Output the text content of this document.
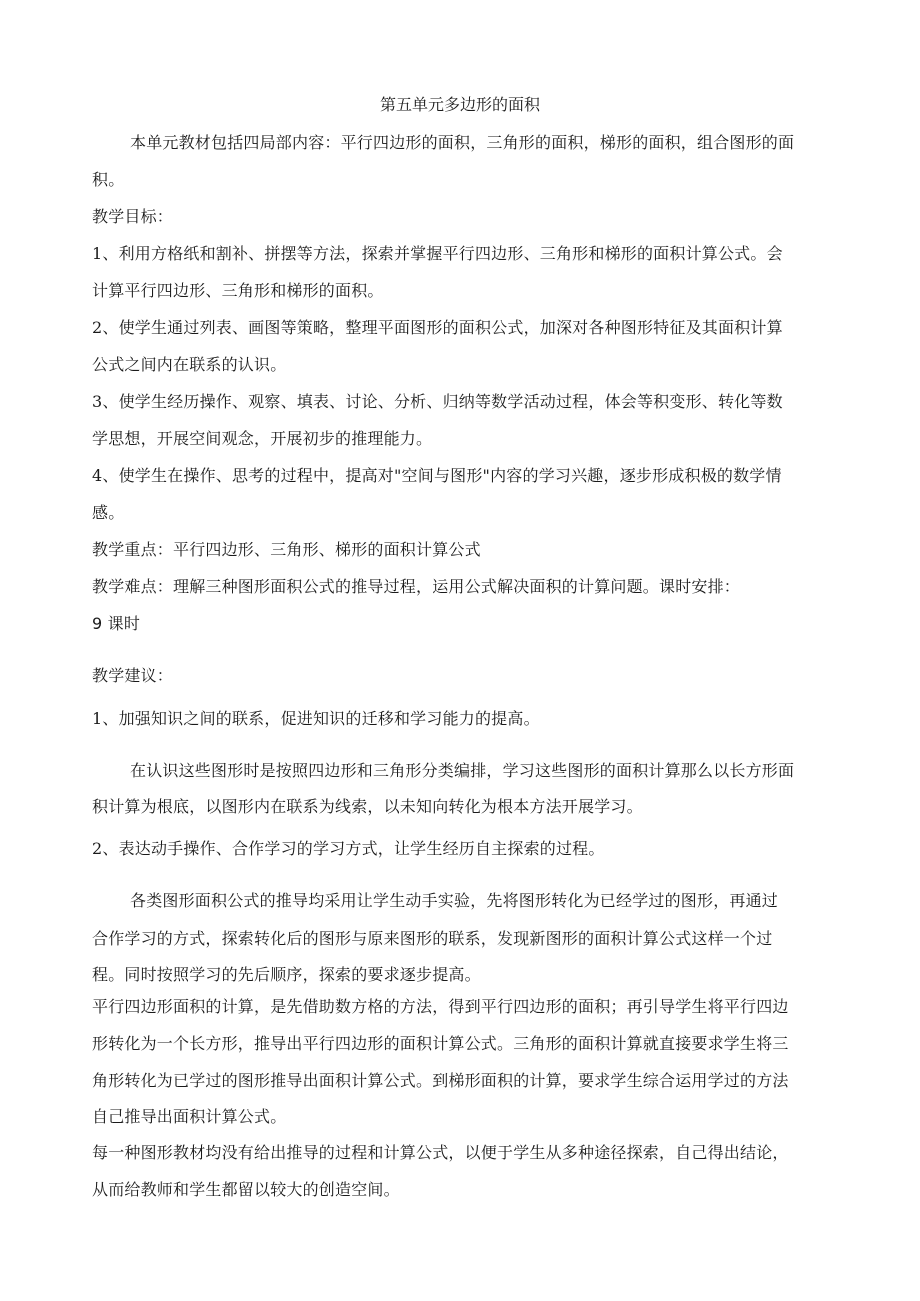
第五单元多边形的面积
本单元教材包括四局部内容：平行四边形的面积，三角形的面积，梯形的面积，组合图形的面
积。
教学目标：
1、利用方格纸和割补、拼摆等方法，探索并掌握平行四边形、三角形和梯形的面积计算公式。会
计算平行四边形、三角形和梯形的面积。
2、使学生通过列表、画图等策略，整理平面图形的面积公式，加深对各种图形特征及其面积计算
公式之间内在联系的认识。
3、使学生经历操作、观察、填表、讨论、分析、归纳等数学活动过程，体会等积变形、转化等数
学思想，开展空间观念，开展初步的推理能力。
4、使学生在操作、思考的过程中，提高对"空间与图形"内容的学习兴趣，逐步形成积极的数学情
感。
教学重点：平行四边形、三角形、梯形的面积计算公式
教学难点：理解三种图形面积公式的推导过程，运用公式解决面积的计算问题。课时安排：
9 课时
教学建议：
1、加强知识之间的联系，促进知识的迁移和学习能力的提高。
在认识这些图形时是按照四边形和三角形分类编排，学习这些图形的面积计算那么以长方形面
积计算为根底，以图形内在联系为线索，以未知向转化为根本方法开展学习。
2、表达动手操作、合作学习的学习方式，让学生经历自主探索的过程。
各类图形面积公式的推导均采用让学生动手实验，先将图形转化为已经学过的图形，再通过
合作学习的方式，探索转化后的图形与原来图形的联系，发现新图形的面积计算公式这样一个过
程。同时按照学习的先后顺序，探索的要求逐步提高。
平行四边形面积的计算，是先借助数方格的方法，得到平行四边形的面积；再引导学生将平行四边
形转化为一个长方形，推导出平行四边形的面积计算公式。三角形的面积计算就直接要求学生将三
角形转化为已学过的图形推导出面积计算公式。到梯形面积的计算，要求学生综合运用学过的方法
自己推导出面积计算公式。
每一种图形教材均没有给出推导的过程和计算公式，以便于学生从多种途径探索，自己得出结论，
从而给教师和学生都留以较大的创造空间。
